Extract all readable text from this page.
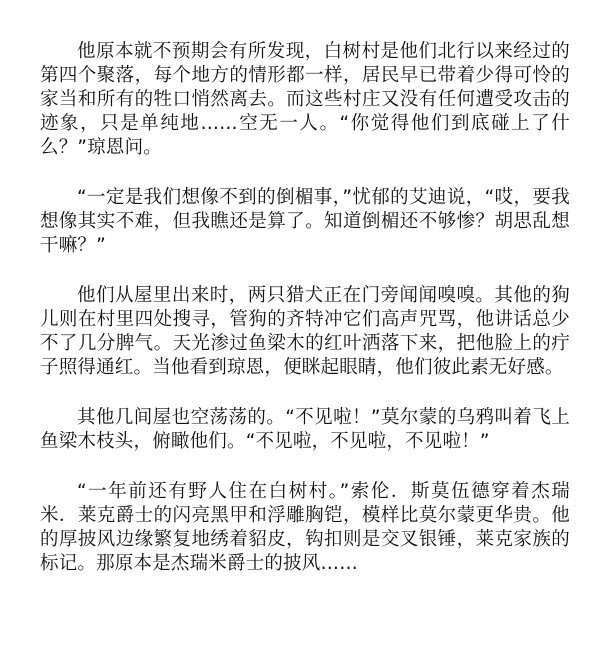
他原本就不预期会有所发现，白树村是他们北行以来经过的第四个聚落，每个地方的情形都一样，居民早已带着少得可怜的家当和所有的牲口悄然离去。而这些村庄又没有任何遭受攻击的迹象，只是单纯地……空无一人。“你觉得他们到底碰上了什么？”琼恩问。

“一定是我们想像不到的倒楣事，”忧郁的艾迪说，“哎，要我想像其实不难，但我瞧还是算了。知道倒楣还不够惨？胡思乱想干嘛？”

他们从屋里出来时，两只猎犬正在门旁闻闻嗅嗅。其他的狗儿则在村里四处搜寻，管狗的齐特冲它们高声咒骂，他讲话总少不了几分脾气。天光渗过鱼梁木的红叶洒落下来，把他脸上的疔子照得通红。当他看到琼恩，便眯起眼睛，他们彼此素无好感。

其他几间屋也空荡荡的。“不见啦！”莫尔蒙的乌鸦叫着飞上鱼梁木枝头，俯瞰他们。“不见啦，不见啦，不见啦！”

“一年前还有野人住在白树村。”索伦．斯莫伍德穿着杰瑞米．莱克爵士的闪亮黑甲和浮雕胸铠，模样比莫尔蒙更华贵。他的厚披风边缘繁复地绣着貂皮，钩扣则是交叉银锤，莱克家族的标记。那原本是杰瑞米爵士的披风……
